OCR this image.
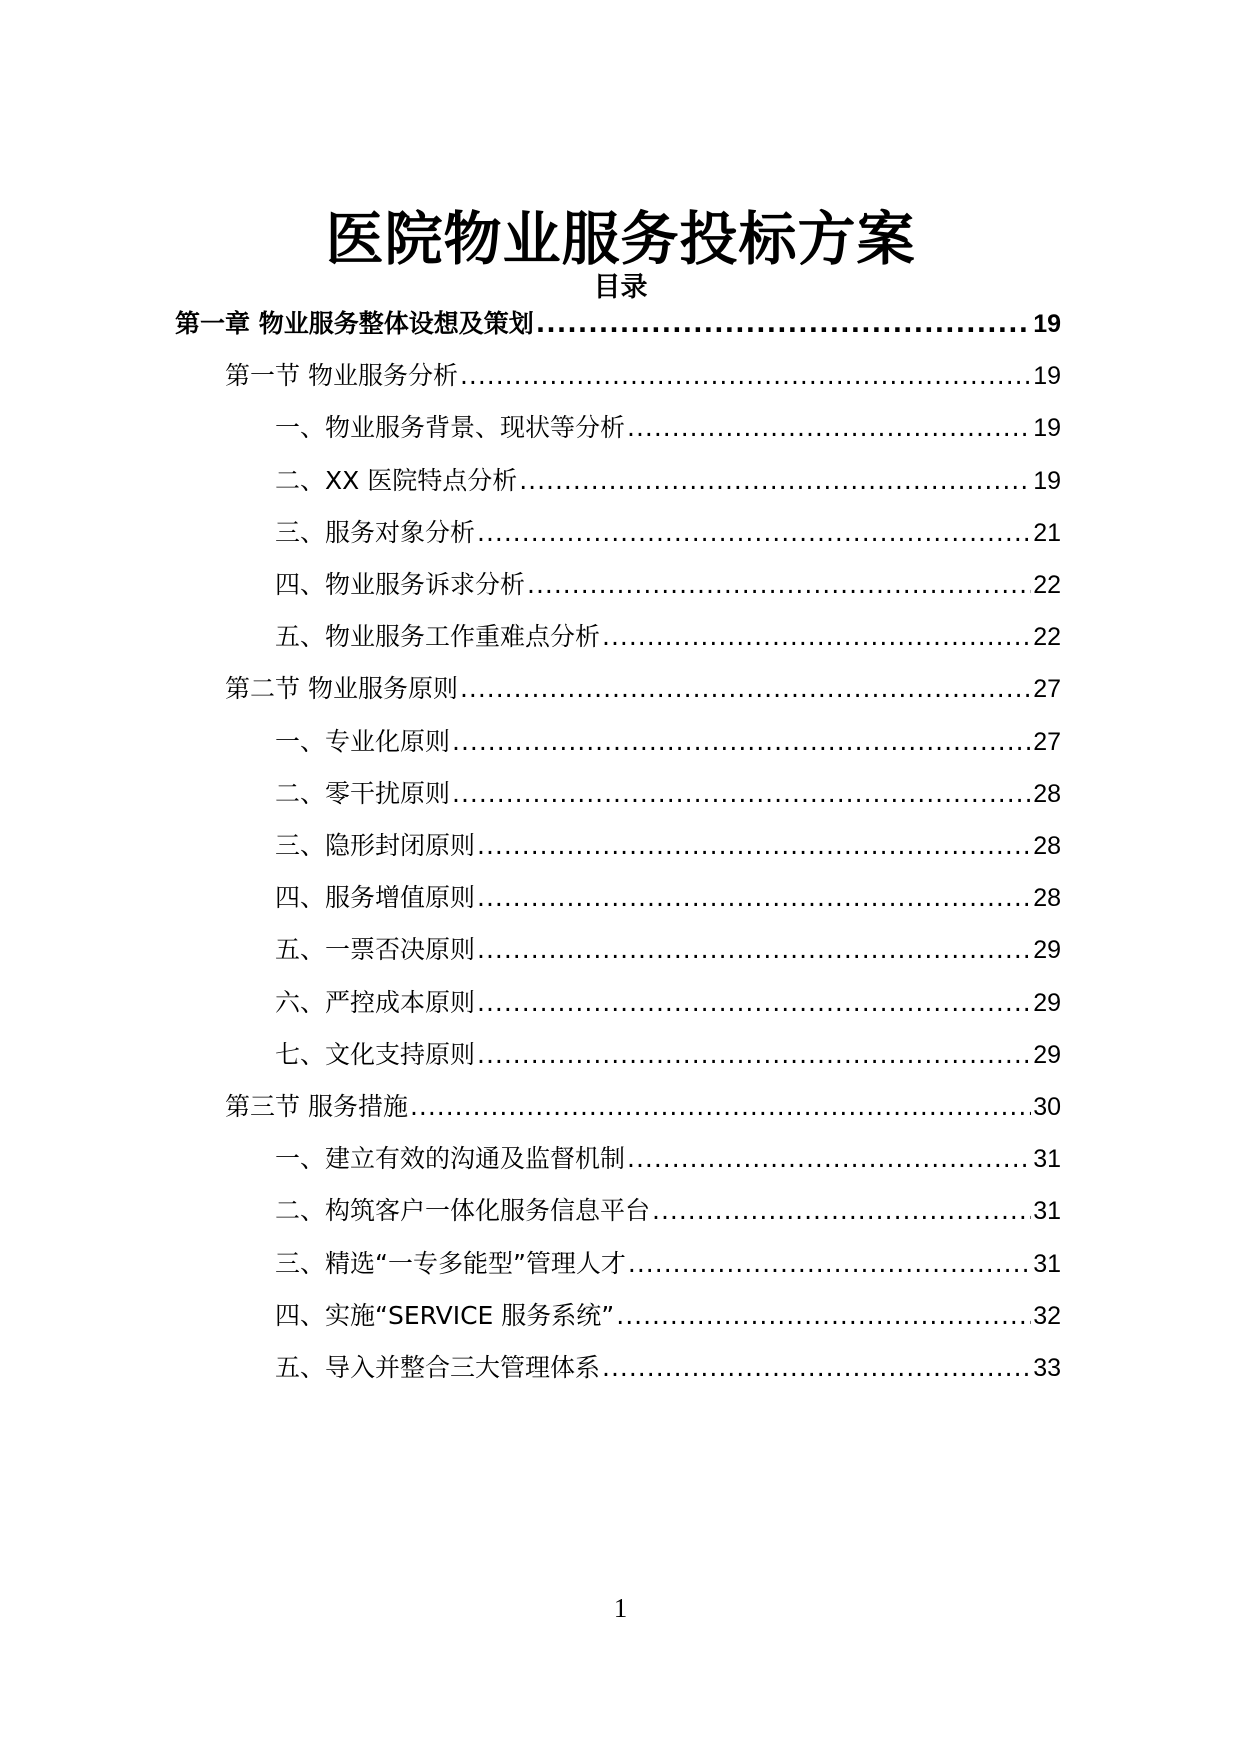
医院物业服务投标方案
目录
第一章 物业服务整体设想及策划 .....	19
第一节 物业服务分析 .....	19
一、物业服务背景、现状等分析 .....	19
二、XX 医院特点分析 .....	19
三、服务对象分析 .....	21
四、物业服务诉求分析 .....	22
五、物业服务工作重难点分析 .....	22
第二节 物业服务原则 .....	27
一、专业化原则 .....	27
二、零干扰原则 .....	28
三、隐形封闭原则 .....	28
四、服务增值原则 .....	28
五、一票否决原则 .....	29
六、严控成本原则 .....	29
七、文化支持原则 .....	29
第三节 服务措施 .....	30
一、建立有效的沟通及监督机制 .....	31
二、构筑客户一体化服务信息平台 .....	31
三、精选“一专多能型”管理人才 .....	31
四、实施“SERVICE 服务系统” .....	32
五、导入并整合三大管理体系 .....	33
1
